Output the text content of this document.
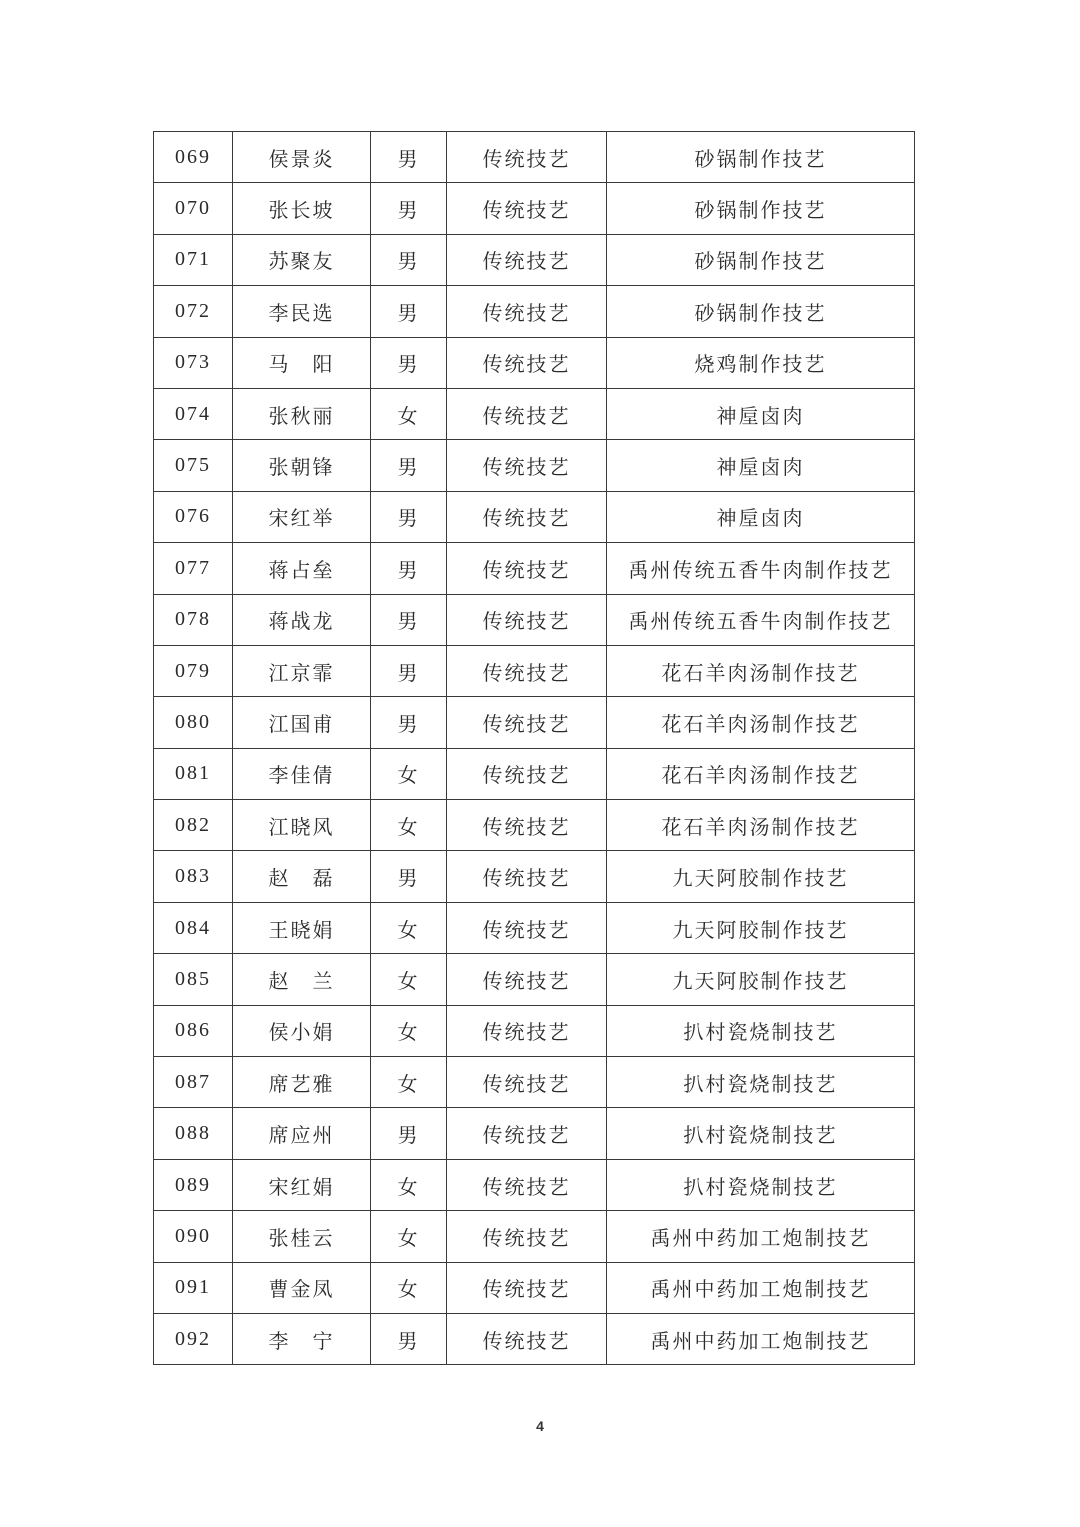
069	侯景炎	男	传统技艺	砂锅制作技艺
070	张长坡	男	传统技艺	砂锅制作技艺
071	苏聚友	男	传统技艺	砂锅制作技艺
072	李民选	男	传统技艺	砂锅制作技艺
073	马　阳	男	传统技艺	烧鸡制作技艺
074	张秋丽	女	传统技艺	神垕卤肉
075	张朝锋	男	传统技艺	神垕卤肉
076	宋红举	男	传统技艺	神垕卤肉
077	蒋占垒	男	传统技艺	禹州传统五香牛肉制作技艺
078	蒋战龙	男	传统技艺	禹州传统五香牛肉制作技艺
079	江京霏	男	传统技艺	花石羊肉汤制作技艺
080	江国甫	男	传统技艺	花石羊肉汤制作技艺
081	李佳倩	女	传统技艺	花石羊肉汤制作技艺
082	江晓风	女	传统技艺	花石羊肉汤制作技艺
083	赵　磊	男	传统技艺	九天阿胶制作技艺
084	王晓娟	女	传统技艺	九天阿胶制作技艺
085	赵　兰	女	传统技艺	九天阿胶制作技艺
086	侯小娟	女	传统技艺	扒村瓷烧制技艺
087	席艺雅	女	传统技艺	扒村瓷烧制技艺
088	席应州	男	传统技艺	扒村瓷烧制技艺
089	宋红娟	女	传统技艺	扒村瓷烧制技艺
090	张桂云	女	传统技艺	禹州中药加工炮制技艺
091	曹金凤	女	传统技艺	禹州中药加工炮制技艺
092	李　宁	男	传统技艺	禹州中药加工炮制技艺
4
